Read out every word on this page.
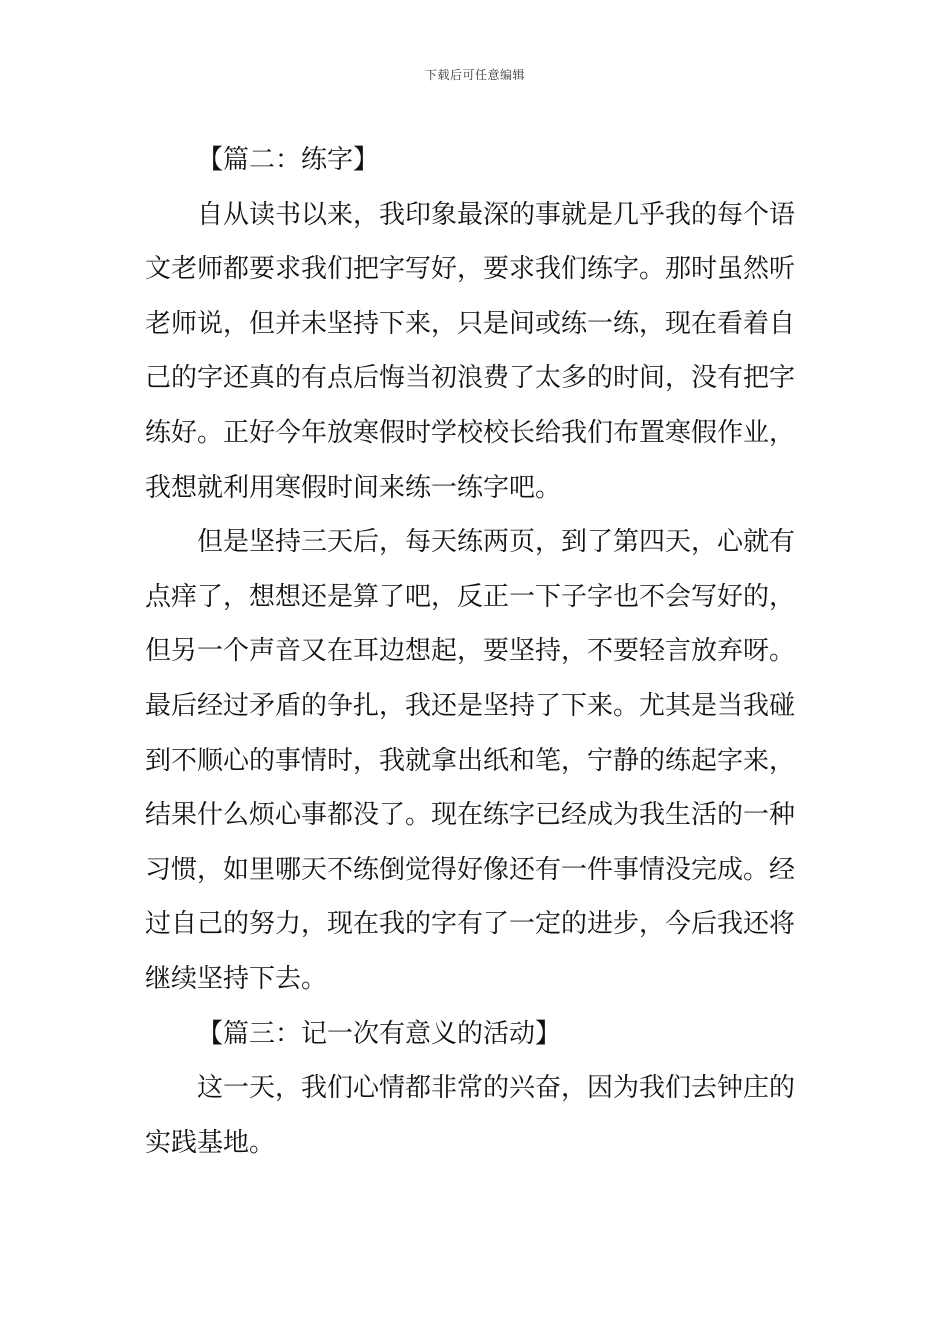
下载后可任意编辑
【篇二：练字】
自从读书以来，我印象最深的事就是几乎我的每个语
文老师都要求我们把字写好，要求我们练字。那时虽然听
老师说，但并未坚持下来，只是间或练一练，现在看着自
己的字还真的有点后悔当初浪费了太多的时间，没有把字
练好。正好今年放寒假时学校校长给我们布置寒假作业，
我想就利用寒假时间来练一练字吧。
但是坚持三天后，每天练两页，到了第四天，心就有
点痒了，想想还是算了吧，反正一下子字也不会写好的，
但另一个声音又在耳边想起，要坚持，不要轻言放弃呀。
最后经过矛盾的争扎，我还是坚持了下来。尤其是当我碰
到不顺心的事情时，我就拿出纸和笔，宁静的练起字来，
结果什么烦心事都没了。现在练字已经成为我生活的一种
习惯，如里哪天不练倒觉得好像还有一件事情没完成。经
过自己的努力，现在我的字有了一定的进步，今后我还将
继续坚持下去。
【篇三：记一次有意义的活动】
这一天，我们心情都非常的兴奋，因为我们去钟庄的
实践基地。
